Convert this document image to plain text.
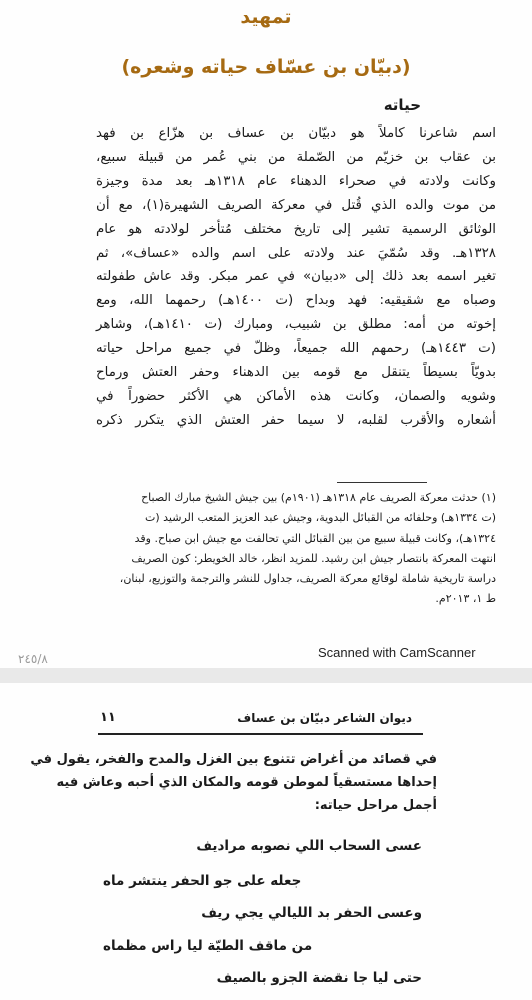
تمهيد
(دبيّان بن عسّاف حياته وشعره)
حياته
اسم شاعرنا كاملاً هو دبيّان بن عساف بن هزّاع بن فهد
بن عقاب بن خزيّم من الصّملة من بني عُمر من قبيلة سبيع،
وكانت ولادته في صحراء الدهناء عام ١٣١٨هـ بعد مدة وجيزة
من موت والده الذي قُتل في معركة الصريف الشهيرة(١)، مع أن
الوثائق الرسمية تشير إلى تاريخ مختلف مُتأخر لولادته هو عام
١٣٢٨هـ. وقد سُمّيَ عند ولادته على اسم والده «عساف»، ثم
تغير اسمه بعد ذلك إلى «دبيان» في عمر مبكر. وقد عاش طفولته
وصباه مع شقيقيه: فهد وبداح (ت ١٤٠٠هـ) رحمهما الله، ومع
إخوته من أمه: مطلق بن شبيب، ومبارك (ت ١٤١٠هـ)، وشاهر
(ت ١٤٤٣هـ) رحمهم الله جميعاً، وظلّ في جميع مراحل حياته
بدويّاً بسيطاً يتنقل مع قومه بين الدهناء وحفر العتش ورماح
وشويه والصمان، وكانت هذه الأماكن هي الأكثر حضوراً في
أشعاره والأقرب لقلبه، لا سيما حفر العتش الذي يتكرر ذكره
(١) حدثت معركة الصريف عام ١٣١٨هـ (١٩٠١م) بين جيش الشيخ مبارك الصباح
(ت ١٣٣٤هـ) وحلفائه من القبائل البدوية، وجيش عبد العزيز المتعب الرشيد (ت
١٣٢٤هـ)، وكانت قبيلة سبيع من بين القبائل التي تحالفت مع جيش ابن صباح. وقد
انتهت المعركة بانتصار جيش ابن رشيد. للمزيد انظر، خالد الخويطر: كون الصريف
دراسة تاريخية شاملة لوقائع معركة الصريف، جداول للنشر والترجمة والتوزيع، لبنان،
ط ١، ٢٠١٣م.
٢٤٥/٨	Scanned with CamScanner
ديوان الشاعر دبيّان بن عساف
١١
في قصائد من أغراض تتنوع بين الغزل والمدح والفخر، يقول في
إحداها مستسقياً لموطن قومه والمكان الذي أحبه وعاش فيه
أجمل مراحل حياته:
عسى السحاب اللي نصوبه مراديف
جعله على جو الحفر ينتشر ماه
وعسى الحفر بد الليالي يجي ريف
من ماقف الطيّة ليا راس مظماه
حتى ليا جا نقضة الجزو بالصيف
